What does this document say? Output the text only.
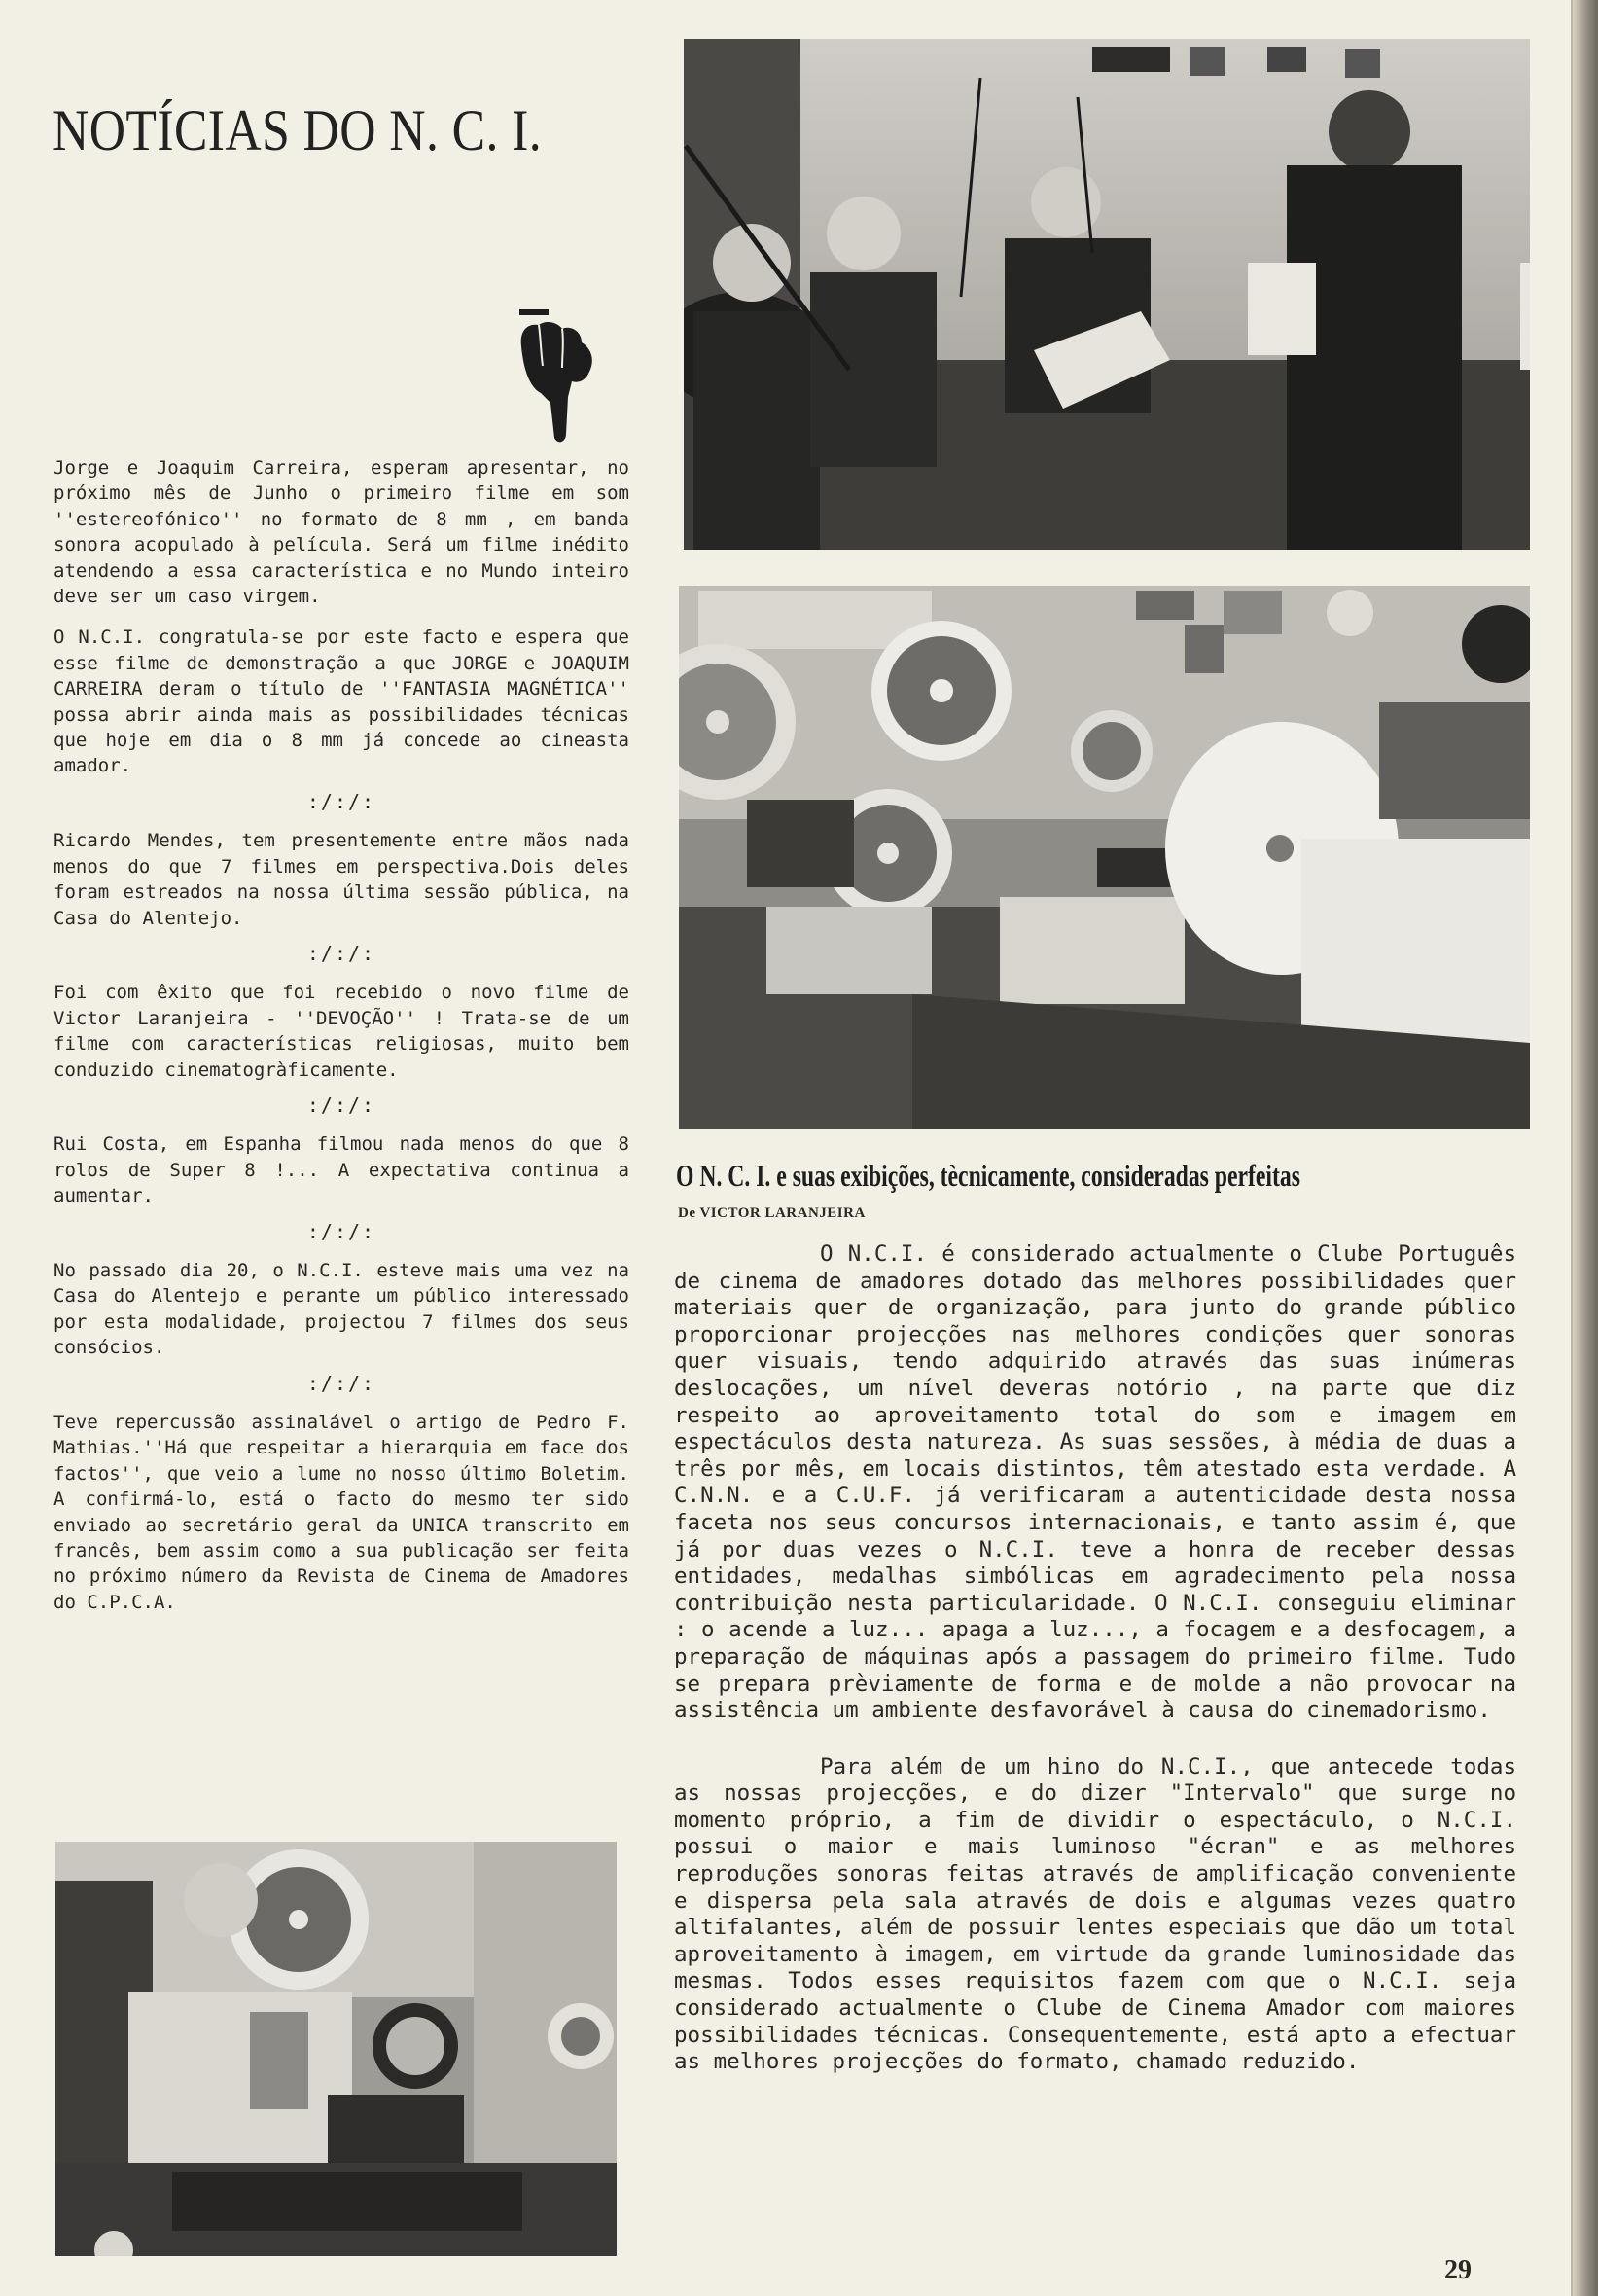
NOTÍCIAS DO N. C. I.

Jorge e Joaquim Carreira, esperam apresentar, no próximo mês de Junho o primeiro filme em som ''estereofónico'' no formato de 8 mm , em banda sonora acopulado à película. Será um filme inédito atendendo a essa característica e no Mundo inteiro deve ser um caso virgem.

O N.C.I. congratula-se por este facto e espera que esse filme de demonstração a que JORGE e JOAQUIM CARREIRA deram o título de ''FANTASIA MAGNÉTICA'' possa abrir ainda mais as possibilidades técnicas que hoje em dia o 8 mm já concede ao cineasta amador.

:/:/:

Ricardo Mendes, tem presentemente entre mãos nada menos do que 7 filmes em perspectiva.Dois deles foram estreados na nossa última sessão pública, na Casa do Alentejo.

:/:/:

Foi com êxito que foi recebido o novo filme de Victor Laranjeira - ''DEVOÇÃO'' ! Trata-se de um filme com características religiosas, muito bem conduzido cinematogràficamente.

:/:/:

Rui Costa, em Espanha filmou nada menos do que 8 rolos de Super 8 !... A expectativa continua a aumentar.

:/:/:

No passado dia 20, o N.C.I. esteve mais uma vez na Casa do Alentejo e perante um público interessado por esta modalidade, projectou 7 filmes dos seus consócios.

:/:/:

Teve repercussão assinalável o artigo de Pedro F. Mathias.''Há que respeitar a hierarquia em face dos factos'', que veio a lume no nosso último Boletim. A confirmá-lo, está o facto do mesmo ter sido enviado ao secretário geral da UNICA transcrito em francês, bem assim como a sua publicação ser feita no próximo número da Revista de Cinema de Amadores do C.P.C.A.

O N. C. I. e suas exibições, tècnicamente, consideradas perfeitas
De VICTOR LARANJEIRA

O N.C.I. é considerado actualmente o Clube Português de cinema de amadores dotado das melhores possibilidades quer materiais quer de organização, para junto do grande público proporcionar projecções nas melhores condições quer sonoras quer visuais, tendo adquirido através das suas inúmeras deslocações, um nível deveras notório , na parte que diz respeito ao aproveitamento total do som e imagem em espectáculos desta natureza. As suas sessões, à média de duas a três por mês, em locais distintos, têm atestado esta verdade. A C.N.N. e a C.U.F. já verificaram a autenticidade desta nossa faceta nos seus concursos internacionais, e tanto assim é, que já por duas vezes o N.C.I. teve a honra de receber dessas entidades, medalhas simbólicas em agradecimento pela nossa contribuição nesta particularidade. O N.C.I. conseguiu eliminar : o acende a luz... apaga a luz..., a focagem e a desfocagem, a preparação de máquinas após a passagem do primeiro filme. Tudo se prepara prèviamente de forma e de molde a não provocar na assistência um ambiente desfavorável à causa do cinemadorismo.

Para além de um hino do N.C.I., que antecede todas as nossas projecções, e do dizer "Intervalo" que surge no momento próprio, a fim de dividir o espectáculo, o N.C.I. possui o maior e mais luminoso "écran" e as melhores reproduções sonoras feitas através de amplificação conveniente e dispersa pela sala através de dois e algumas vezes quatro altifalantes, além de possuir lentes especiais que dão um total aproveitamento à imagem, em virtude da grande luminosidade das mesmas. Todos esses requisitos fazem com que o N.C.I. seja considerado actualmente o Clube de Cinema Amador com maiores possibilidades técnicas. Consequentemente, está apto a efectuar as melhores projecções do formato, chamado reduzido.

29
